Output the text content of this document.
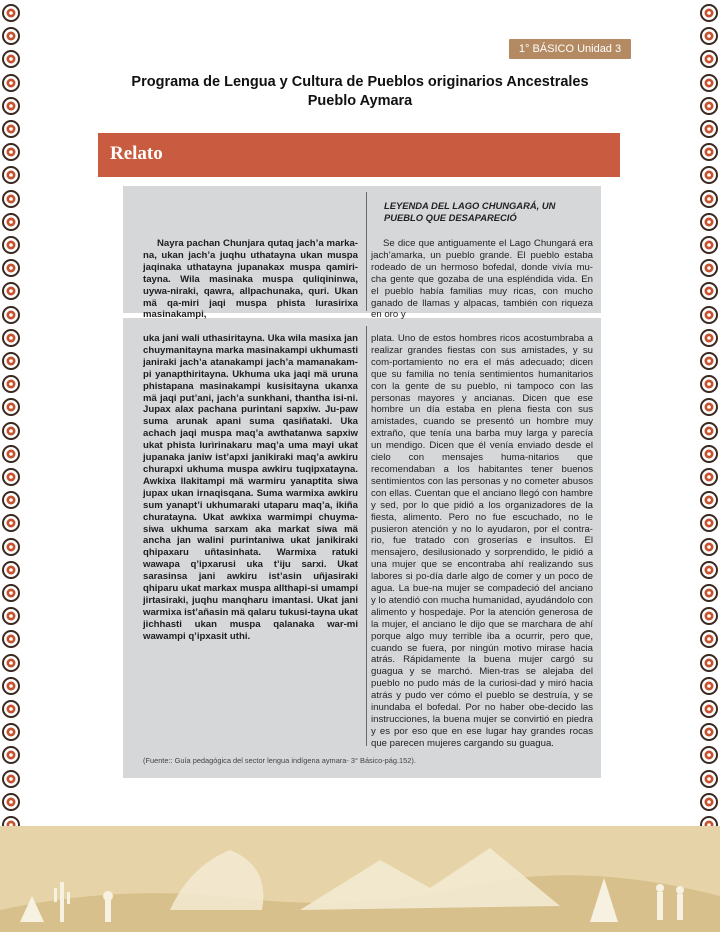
1° BÁSICO Unidad 3
Programa de Lengua y Cultura de Pueblos originarios Ancestrales
Pueblo Aymara
Relato
LEYENDA DEL LAGO CHUNGARÁ, UN PUEBLO QUE DESAPARECIÓ
Nayra pachan Chunjara qutaq jach’a marka-na, ukan jach’a juqhu uthatayna ukan muspa jaqinaka uthatayna jupanakax muspa qamiri-tayna. Wila masinaka muspa quliqininwa, uywa-niraki, qawra, allpachunaka, quri. Ukan mä qa-miri jaqi muspa phista lurasirixa masinakampi,
Se dice que antiguamente el Lago Chungará era jach’amarka, un pueblo grande. El pueblo estaba rodeado de un hermoso bofedal, donde vivía mu-cha gente que gozaba de una espléndida vida. En el pueblo había familias muy ricas, con mucho ganado de llamas y alpacas, también con riqueza en oro y
uka jani wali uthasiritayna. Uka wila masixa jan chuymanitayna marka masinakampi ukhumasti janiraki jach’a atanakampi jach’a mamanakam-pi yanapthiritayna. Ukhuma uka jaqi mä uruna phistapana masinakampi kusisitayna ukanxa mä jaqi put’ani, jach’a sunkhani, thantha isi-ni. Jupax alax pachana purintani sapxiw. Ju-paw suma arunak apani suma qasiñataki. Uka achach jaqi muspa maq’a awthatanwa sapxiw ukat phista lurìrinakaru maq’a uma mayi ukat jupanaka janiw ist’apxi janikiraki maq’a awkiru churapxi ukhuma muspa awkiru tuqipxatayna. Awkixa llakitampi mä warmiru yanaptita siwa jupax ukan irnaqisqana. Suma warmixa awkiru sum yanapt’i ukhumaraki utaparu maq’a, ikiña churatayna. Ukat awkixa warmimpi chuyma-siwa ukhuma sarxam aka markat siwa mä ancha jan walini purintaniwa ukat janikiraki qhipaxaru uñtasinhata. Warmixa ratuki wawapa q’ipxarusi uka t’iju sarxi. Ukat sarasinsa jani awkiru ist’asin uñjasiraki qhiparu ukat markax muspa allthapi-si umampi jirtasiraki, juqhu manqharu imantasi. Ukat jani warmixa ist’añasin mä qalaru tukusi-tayna ukat jichhasti ukan muspa qalanaka war-mi wawampi q’ipxasit uthi.
plata. Uno de estos hombres ricos acostumbraba a realizar grandes fiestas con sus amistades, y su com-portamiento no era el más adecuado; dicen que su familia no tenía sentimientos humanitarios con la gente de su pueblo, ni tampoco con las personas mayores y ancianas. Dicen que ese hombre un día estaba en plena fiesta con sus amistades, cuando se presentó un hombre muy extraño, que tenía una barba muy larga y parecía un mendigo. Dicen que él venía enviado desde el cielo con mensajes huma-nitarios que recomendaban a los habitantes tener buenos sentimientos con las personas y no cometer abusos con ellas. Cuentan que el anciano llegó con hambre y sed, por lo que pidió a los organizadores de la fiesta, alimento. Pero no fue escuchado, no le pusieron atención y no lo ayudaron, por el contra-rio, fue tratado con groserías e insultos. El mensajero, desilusionado y sorprendido, le pidió a una mujer que se encontraba ahí realizando sus labores si po-día darle algo de comer y un poco de agua. La bue-na mujer se compadeció del anciano y lo atendió con mucha humanidad, ayudándolo con alimento y hospedaje. Por la atención generosa de la mujer, el anciano le dijo que se marchara de ahí porque algo muy terrible iba a ocurrir, pero que, cuando se fuera, por ningún motivo mirase hacia atrás. Rápidamente la buena mujer cargó su guagua y se marchó. Mien-tras se alejaba del pueblo no pudo más de la curiosi-dad y miró hacia atrás y pudo ver cómo el pueblo se destruía, y se inundaba el bofedal. Por no haber obe-decido las instrucciones, la buena mujer se convirtió en piedra y es por eso que en ese lugar hay grandes rocas que parecen mujeres cargando su guagua.
(Fuente:: Guía pedagógica del sector lengua indígena aymara- 3° Básico-pág.152).
